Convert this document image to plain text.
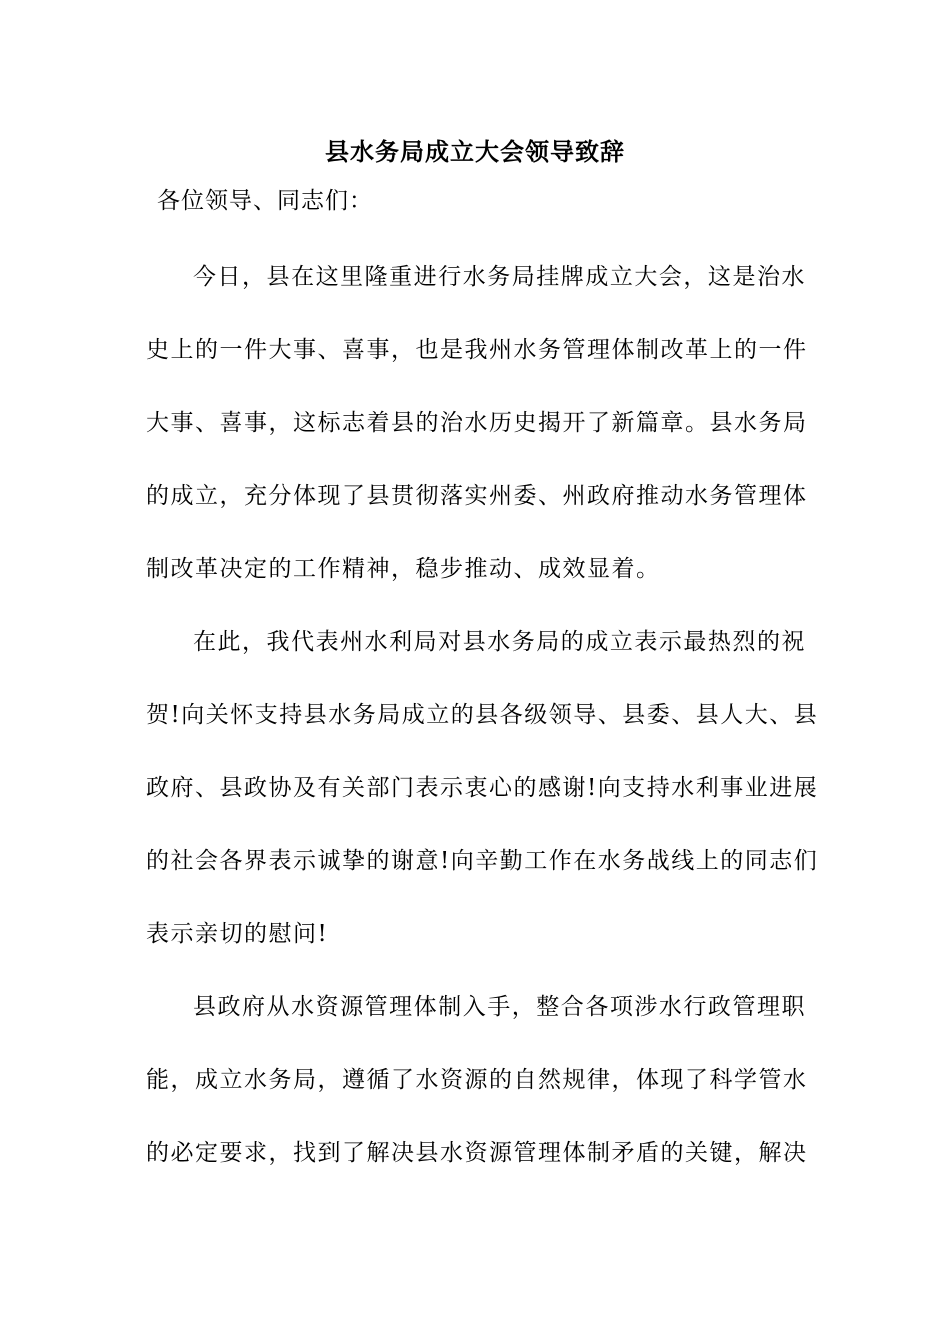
县水务局成立大会领导致辞
各位领导、同志们：
今日，县在这里隆重进行水务局挂牌成立大会，这是治水
史上的一件大事、喜事，也是我州水务管理体制改革上的一件
大事、喜事，这标志着县的治水历史揭开了新篇章。县水务局
的成立，充分体现了县贯彻落实州委、州政府推动水务管理体
制改革决定的工作精神，稳步推动、成效显着。
在此，我代表州水利局对县水务局的成立表示最热烈的祝
贺!向关怀支持县水务局成立的县各级领导、县委、县人大、县
政府、县政协及有关部门表示衷心的感谢!向支持水利事业进展
的社会各界表示诚挚的谢意!向辛勤工作在水务战线上的同志们
表示亲切的慰问!
县政府从水资源管理体制入手，整合各项涉水行政管理职
能，成立水务局，遵循了水资源的自然规律，体现了科学管水
的必定要求，找到了解决县水资源管理体制矛盾的关键，解决
